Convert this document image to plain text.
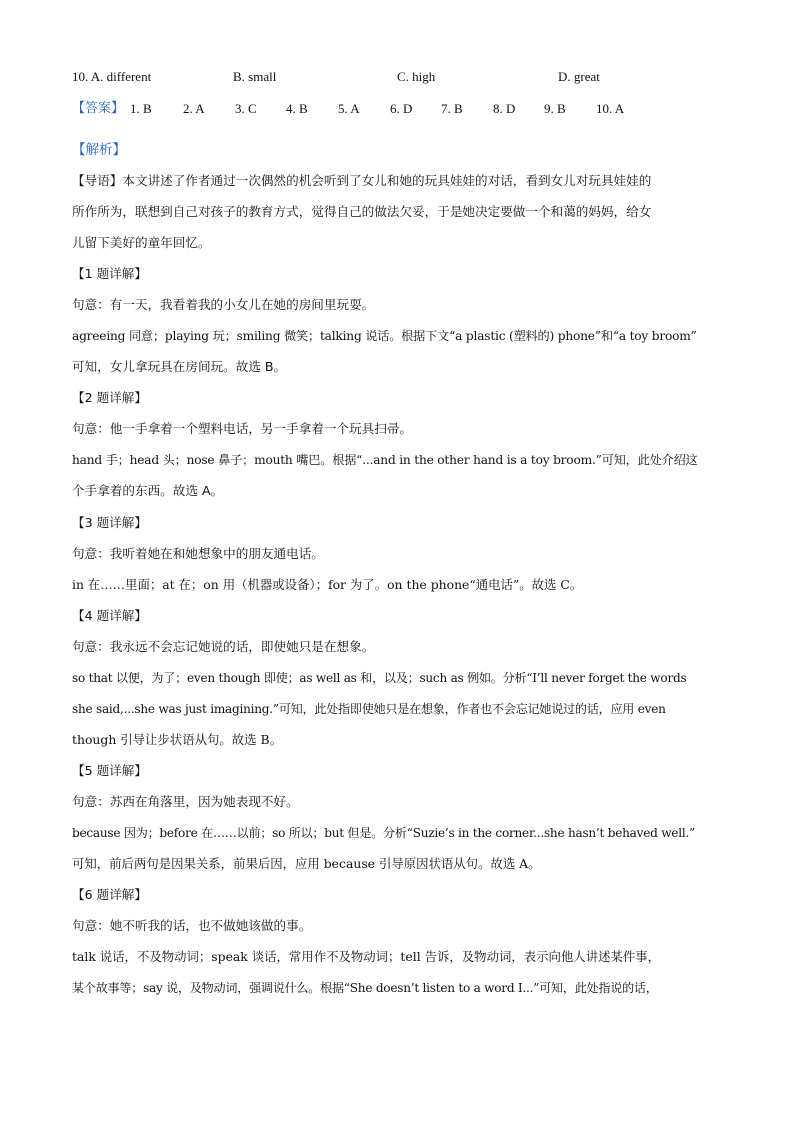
10. A. different	B. small	C. high	D. great
【答案】 1. B 2. A 3. C 4. B 5. A 6. D 7. B 8. D 9. B 10. A
【解析】
【导语】本文讲述了作者通过一次偶然的机会听到了女儿和她的玩具娃娃的对话，看到女儿对玩具娃娃的
所作所为，联想到自己对孩子的教育方式，觉得自己的做法欠妥，于是她决定要做一个和蔼的妈妈，给女
儿留下美好的童年回忆。
【1 题详解】
句意：有一天，我看着我的小女儿在她的房间里玩耍。
agreeing 同意；playing 玩；smiling 微笑；talking 说话。根据下文“a plastic (塑料的) phone”和“a toy broom”
可知，女儿拿玩具在房间玩。故选 B。
【2 题详解】
句意：他一手拿着一个塑料电话，另一手拿着一个玩具扫帚。
hand 手；head 头；nose 鼻子；mouth 嘴巴。根据“...and in the other hand is a toy broom.”可知，此处介绍这
个手拿着的东西。故选 A。
【3 题详解】
句意：我听着她在和她想象中的朋友通电话。
in 在……里面；at 在；on 用（机器或设备）；for 为了。on the phone“通电话”。故选 C。
【4 题详解】
句意：我永远不会忘记她说的话，即使她只是在想象。
so that 以便，为了；even though 即使；as well as 和，以及；such as 例如。分析“I’ll never forget the words
she said,...she was just imagining.”可知，此处指即使她只是在想象，作者也不会忘记她说过的话，应用 even
though 引导让步状语从句。故选 B。
【5 题详解】
句意：苏西在角落里，因为她表现不好。
because 因为；before 在……以前；so 所以；but 但是。分析“Suzie’s in the corner...she hasn’t behaved well.”
可知，前后两句是因果关系，前果后因，应用 because 引导原因状语从句。故选 A。
【6 题详解】
句意：她不听我的话，也不做她该做的事。
talk 说话，不及物动词；speak 谈话，常用作不及物动词；tell 告诉，及物动词，表示向他人讲述某件事，
某个故事等；say 说，及物动词，强调说什么。根据“She doesn’t listen to a word I...”可知，此处指说的话，
